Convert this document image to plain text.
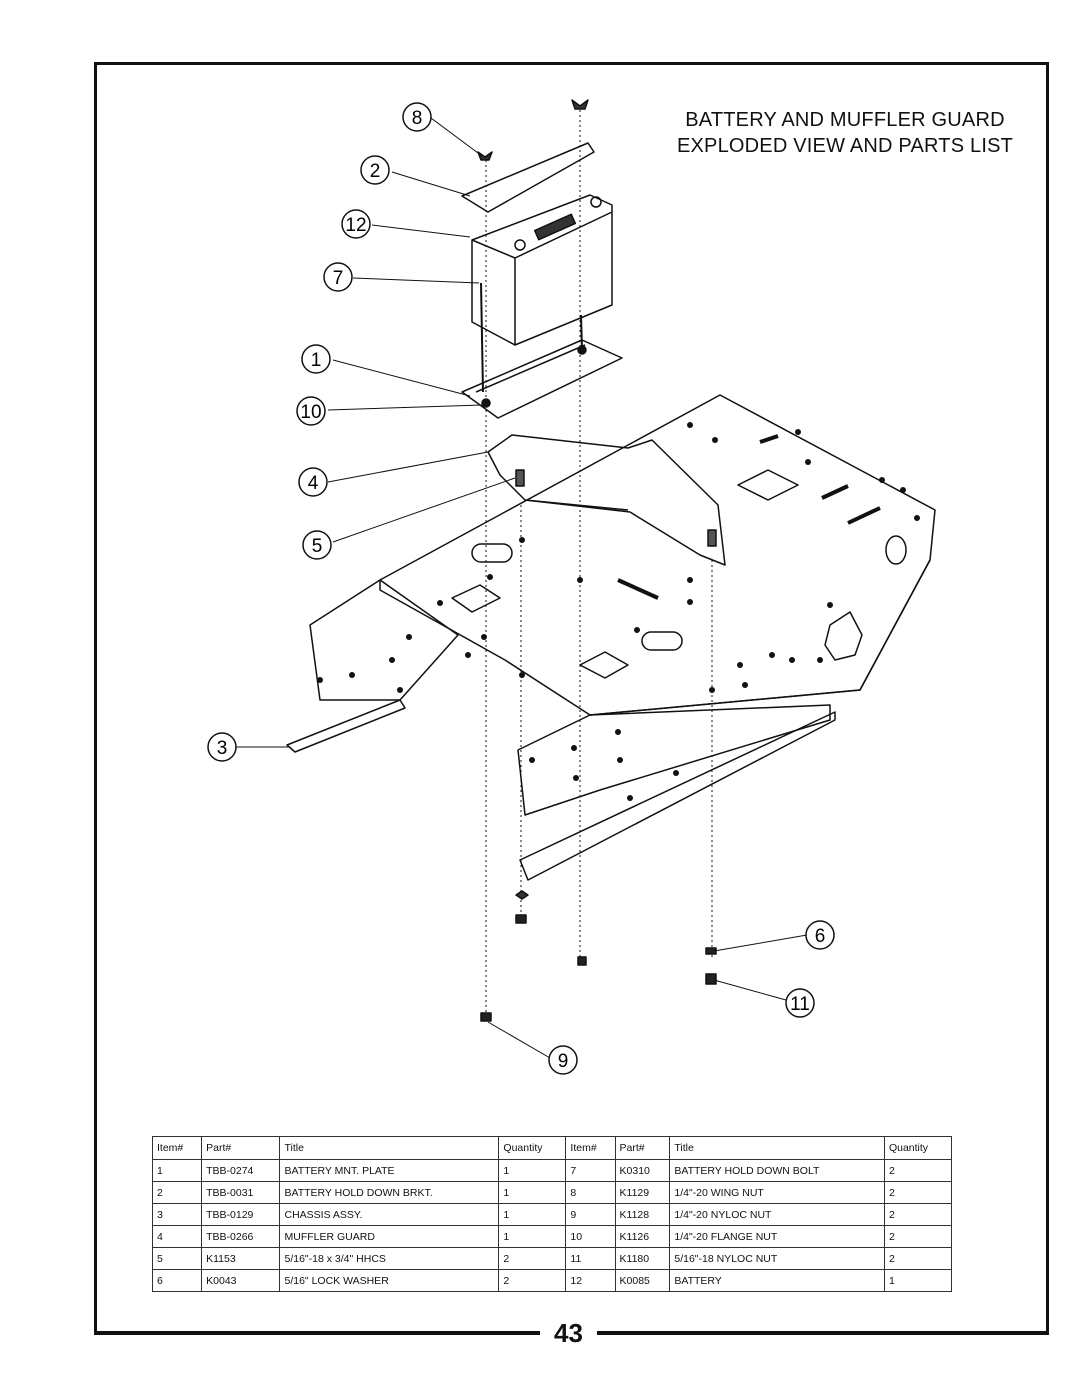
43
BATTERY AND MUFFLER GUARD
EXPLODED VIEW AND PARTS LIST
8
2
12
7
1
10
4
5
3
6
11
9
Item#	Part#	Title	Quantity	Item#	Part#	Title	Quantity
1	TBB-0274	BATTERY MNT. PLATE	1	7	K0310	BATTERY HOLD DOWN BOLT	2
2	TBB-0031	BATTERY HOLD DOWN BRKT.	1	8	K1129	1/4"-20 WING NUT	2
3	TBB-0129	CHASSIS ASSY.	1	9	K1128	1/4"-20 NYLOC NUT	2
4	TBB-0266	MUFFLER GUARD	1	10	K1126	1/4"-20 FLANGE NUT	2
5	K1153	5/16"-18 x 3/4" HHCS	2	11	K1180	5/16"-18 NYLOC NUT	2
6	K0043	5/16" LOCK WASHER	2	12	K0085	BATTERY	1
